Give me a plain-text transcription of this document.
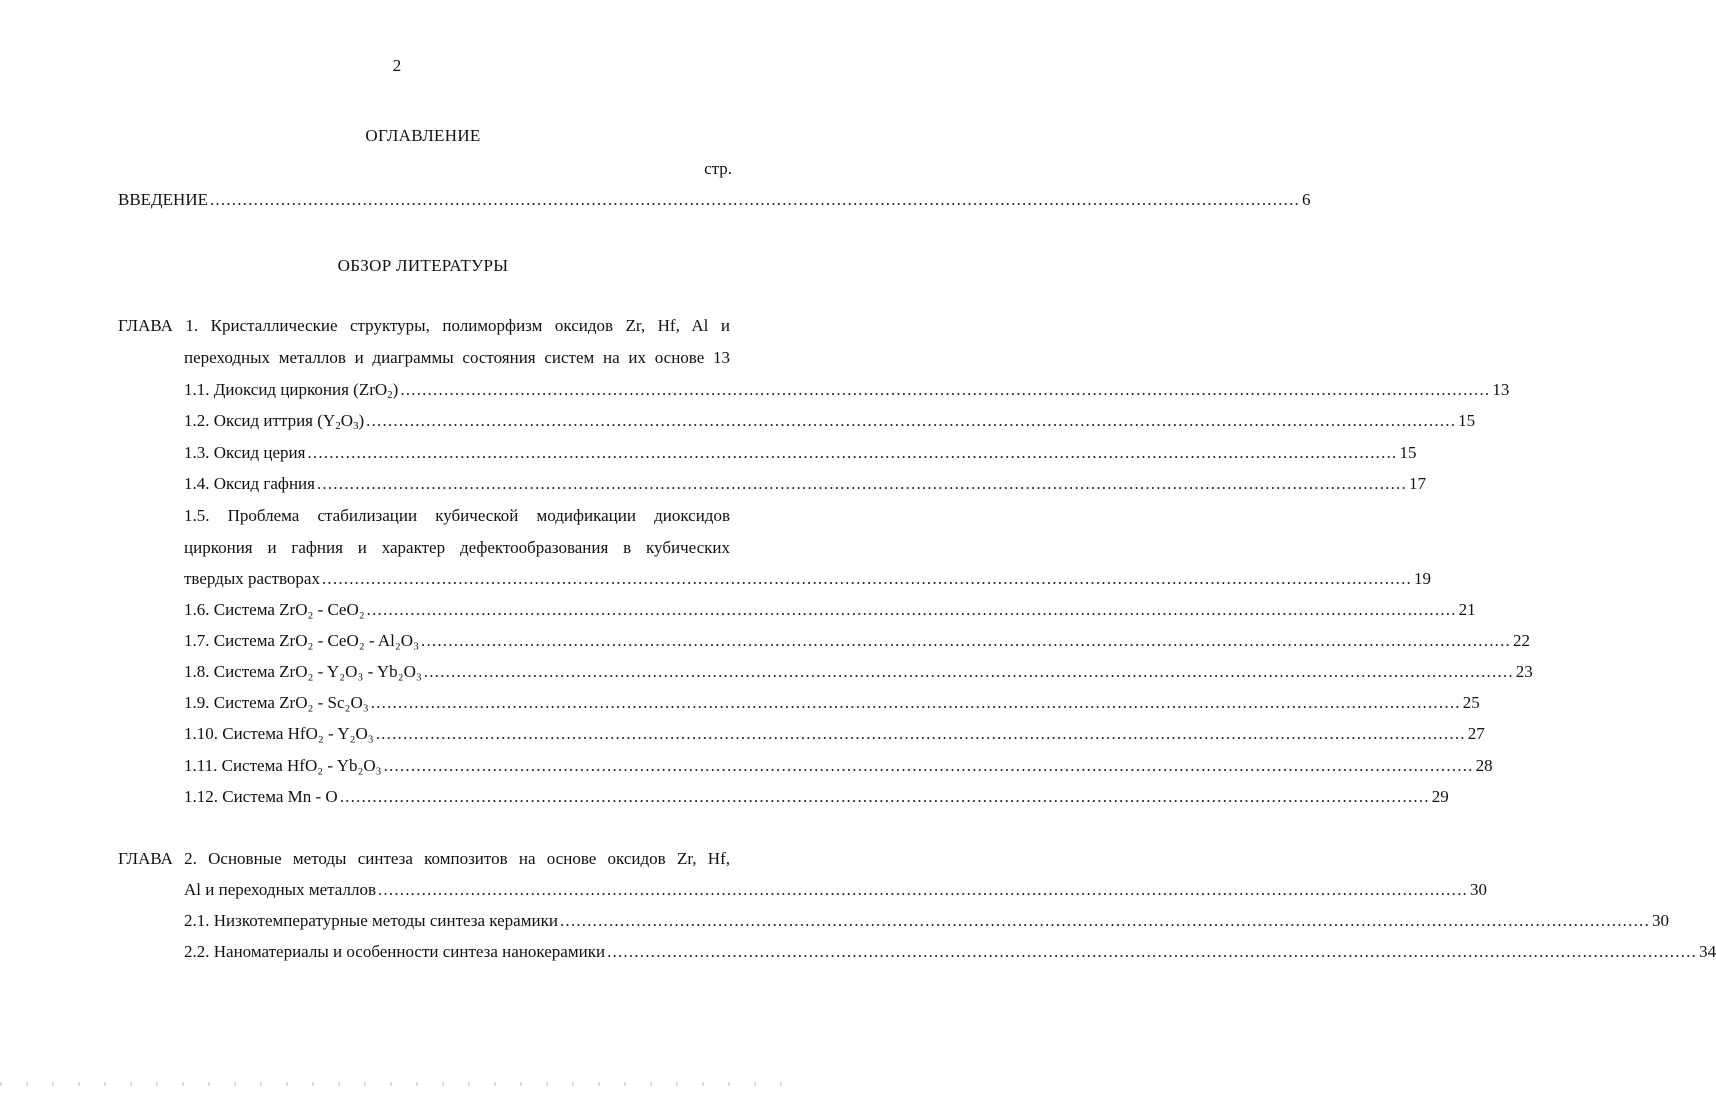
2
ОГЛАВЛЕНИЕ
стр.
ВВЕДЕНИЕ ........................................................................................................................................................................................................ 6
ОБЗОР ЛИТЕРАТУРЫ
ГЛАВА 1. Кристаллические структуры, полиморфизм оксидов Zr, Hf, Al и
переходных металлов и диаграммы состояния систем на их основе 13
1.1. Диоксид циркония (ZrO$_2$) ........................................................................................................................................................................................................ 13
1.2. Оксид иттрия $(Y_2O_3)$ ........................................................................................................................................................................................................ 15
1.3. Оксид церия ........................................................................................................................................................................................................ 15
1.4. Оксид гафния ........................................................................................................................................................................................................ 17
1.5. Проблема стабилизации кубической модификации диоксидов
циркония и гафния и характер дефектообразования в кубических
твердых растворах ........................................................................................................................................................................................................ 19
1.6. Система ZrO₂ - CeO₂ ........................................................................................................................................................................................................ 21
1.7. Система ZrO₂ - CeO₂ - Al₂O₃ ........................................................................................................................................................................................................ 22
1.8. Система ZrO₂ - Y₂O₃ - Yb₂O₃ ........................................................................................................................................................................................................ 23
1.9. Система ZrO₂ - Sc₂O₃ ........................................................................................................................................................................................................ 25
1.10. Система HfO₂ - Y₂O₃ ........................................................................................................................................................................................................ 27
1.11. Система HfO₂ - Yb₂O₃ ........................................................................................................................................................................................................ 28
1.12. Система Mn - O ........................................................................................................................................................................................................ 29
ГЛАВА 2. Основные методы синтеза композитов на основе оксидов Zr, Hf,
Al и переходных металлов ........................................................................................................................................................................................................ 30
2.1. Низкотемпературные методы синтеза керамики ........................................................................................................................................................................................................ 30
2.2. Наноматериалы и особенности синтеза нанокерамики ........................................................................................................................................................................................................ 34
